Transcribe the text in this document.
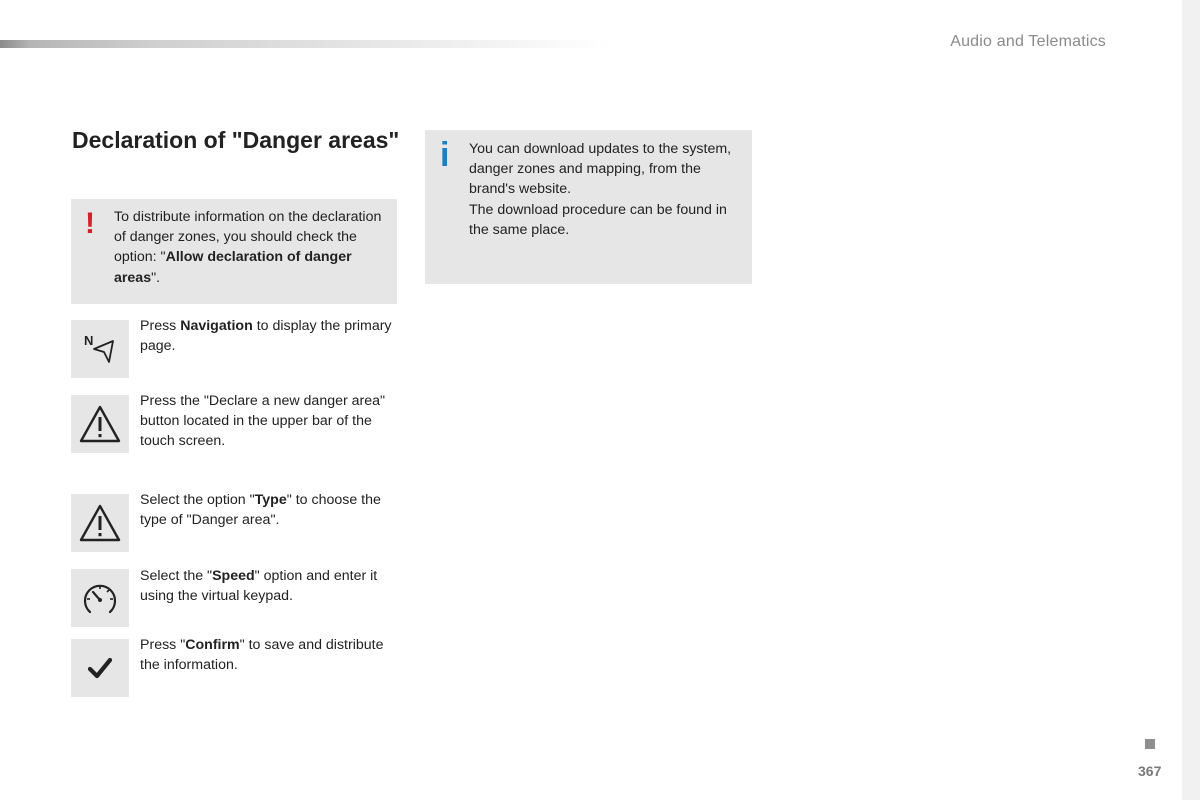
Audio and Telematics
Declaration of "Danger areas"
! To distribute information on the declaration of danger zones, you should check the option: "Allow declaration of danger areas".
i You can download updates to the system, danger zones and mapping, from the brand's website.
The download procedure can be found in the same place.
N
Press Navigation to display the primary page.
Press the "Declare a new danger area" button located in the upper bar of the touch screen.
Select the option "Type" to choose the type of "Danger area".
Select the "Speed" option and enter it using the virtual keypad.
Press "Confirm" to save and distribute the information.
367
